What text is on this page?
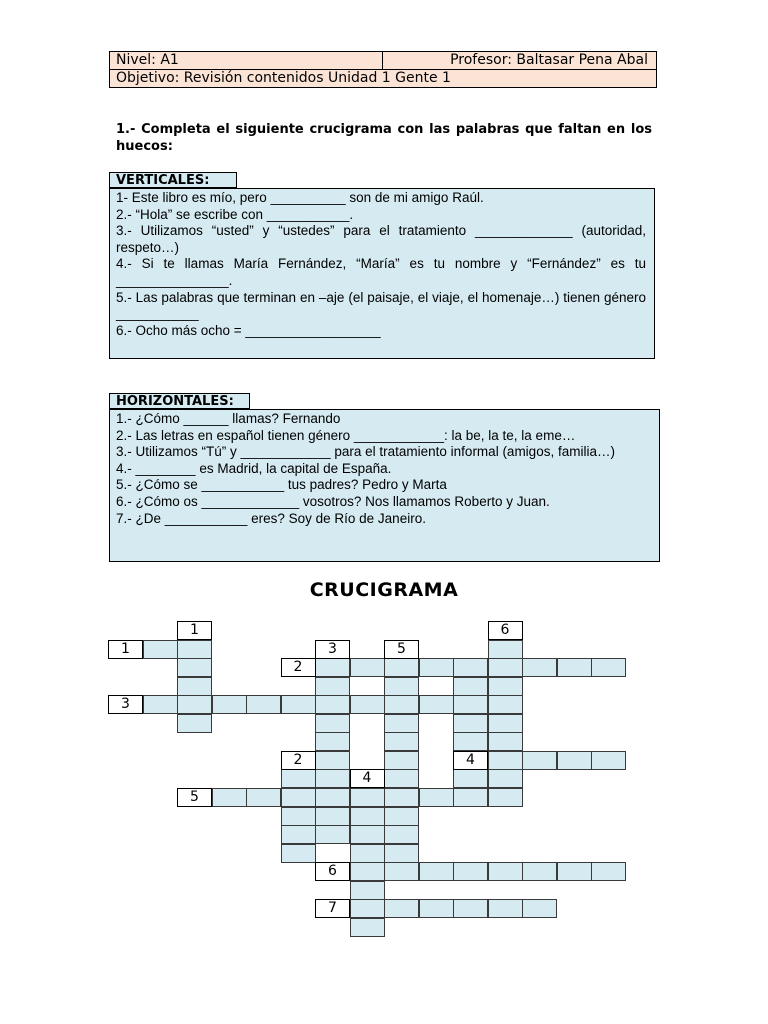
Nivel: A1	Profesor: Baltasar Pena Abal
Objetivo: Revisión contenidos Unidad 1 Gente 1
1.- Completa el siguiente crucigrama con las palabras que faltan en los huecos:
VERTICALES:

1- Este libro es mío, pero __________ son de mi amigo Raúl.

2.- “Hola” se escribe con ___________.

3.- Utilizamos “usted” y “ustedes” para el tratamiento _____________ (autoridad, respeto…)

4.- Si te llamas María Fernández, “María” es tu nombre y “Fernández” es tu _______________.

5.- Las palabras que terminan en –aje (el paisaje, el viaje, el homenaje…) tienen género ___________

6.- Ocho más ocho = __________________

HORIZONTALES:

1.- ¿Cómo ______ llamas? Fernando

2.- Las letras en español tienen género ____________: la be, la te, la eme…

3.- Utilizamos “Tú” y ____________ para el tratamiento informal (amigos, familia…)

4.- ________ es Madrid, la capital de España.

5.- ¿Cómo se ___________ tus padres? Pedro y Marta

6.- ¿Cómo os _____________ vosotros? Nos llamamos Roberto y Juan.

7.- ¿De ___________ eres? Soy de Río de Janeiro.

CRUCIGRAMA
1
1	3	5
6
2
3
2	4
4
5
6
7
